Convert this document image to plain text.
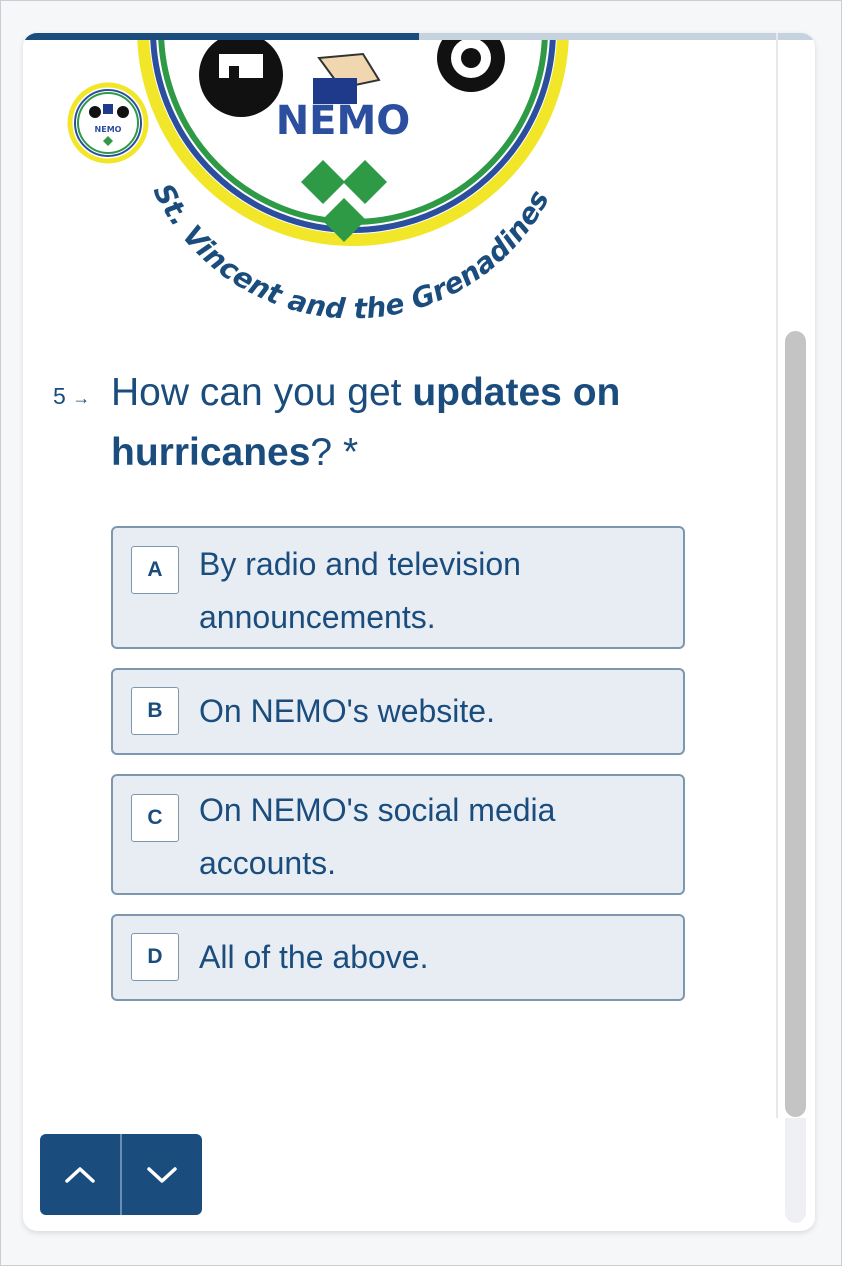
St. Vincent and the Grenadines
NEMO
NEMO
5 → How can you get updates on hurricanes? *
A	By radio and television announcements.
B	On NEMO's website.
C	On NEMO's social media accounts.
D	All of the above.
